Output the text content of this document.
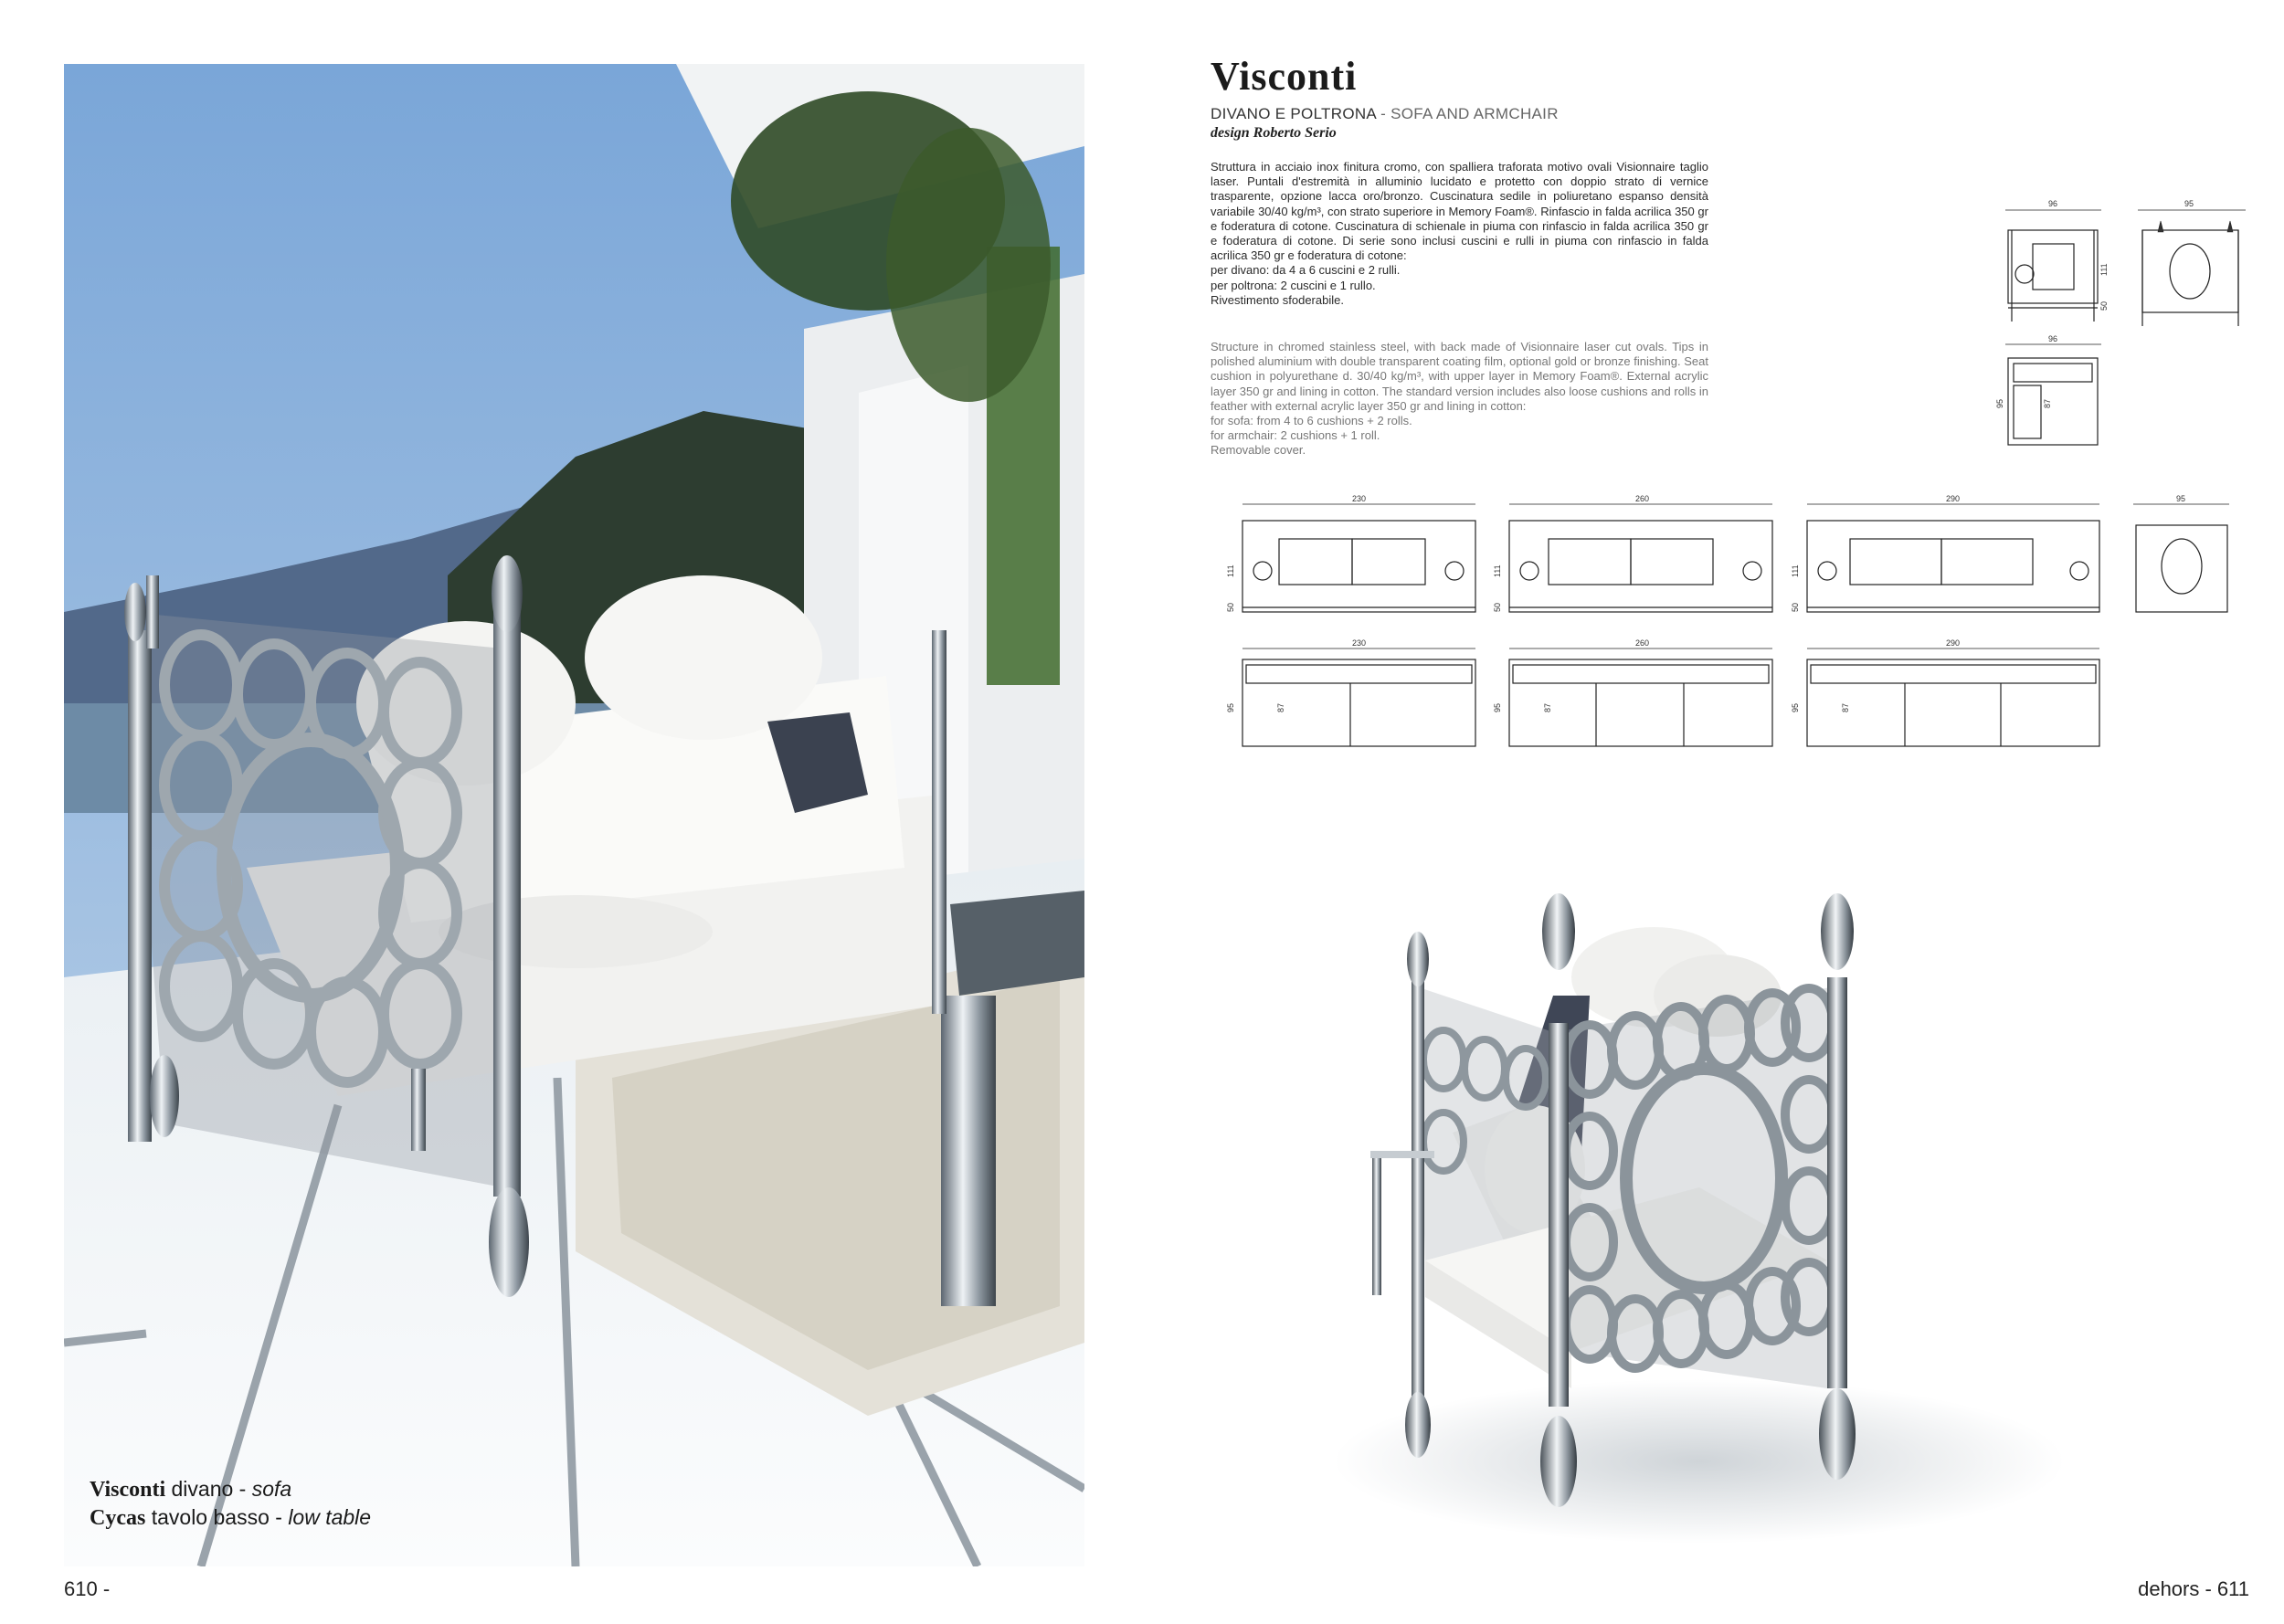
Visconti divano - sofa
Cycas tavolo basso - low table
610 -	dehors - 611
Visconti
DIVANO E POLTRONA - SOFA AND ARMCHAIR
design Roberto Serio

Struttura in acciaio inox finitura cromo, con spalliera traforata motivo ovali Visionnaire taglio laser. Puntali d'estremità in alluminio lucidato e protetto con doppio strato di vernice trasparente, opzione lacca oro/bronzo. Cuscinatura sedile in poliuretano espanso densità variabile 30/40 kg/m³, con strato superiore in Memory Foam®. Rinfascio in falda acrilica 350 gr e foderatura di cotone. Cuscinatura di schienale in piuma con rinfascio in falda acrilica 350 gr e foderatura di cotone. Di serie sono inclusi cuscini e rulli in piuma con rinfascio in falda acrilica 350 gr e foderatura di cotone:

per divano: da 4 a 6 cuscini e 2 rulli.

per poltrona: 2 cuscini e 1 rullo.

Rivestimento sfoderabile.

Structure in chromed stainless steel, with back made of Visionnaire laser cut ovals. Tips in polished aluminium with double transparent coating film, optional gold or bronze finishing. Seat cushion in polyurethane d. 30/40 kg/m³, with upper layer in Memory Foam®. External acrylic layer 350 gr and lining in cotton. The standard version includes also loose cushions and rolls in feather with external acrylic layer 350 gr and lining in cotton:

for sofa: from 4 to 6 cushions + 2 rolls.

for armchair: 2 cushions + 1 roll.

Removable cover.

96	95
111
50
96
95	87
230	260	290	95
111
50
111
50
111
50
230	260	290
95	87	95	87	95	87
